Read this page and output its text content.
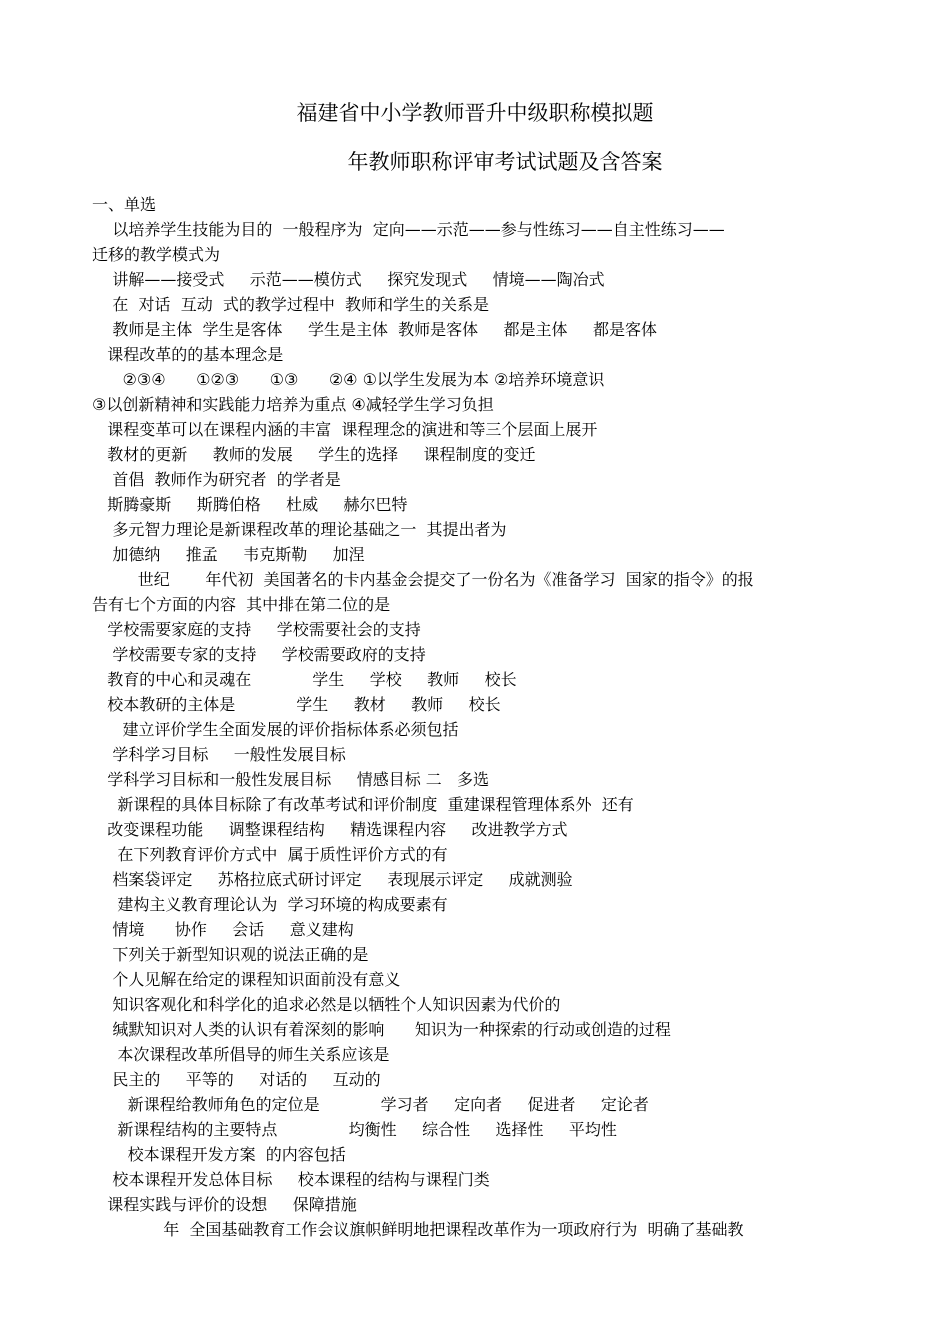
福建省中小学教师晋升中级职称模拟题
年教师职称评审考试试题及含答案
一、单选
以培养学生技能为目的  一般程序为  定向——示范——参与性练习——自主性练习——
迁移的教学模式为
讲解——接受式     示范——模仿式     探究发现式     情境——陶冶式
在  对话  互动  式的教学过程中  教师和学生的关系是
教师是主体  学生是客体     学生是主体  教师是客体     都是主体     都是客体
课程改革的的基本理念是
②③④      ①②③      ①③      ②④ ①以学生发展为本 ②培养环境意识
③以创新精神和实践能力培养为重点 ④减轻学生学习负担
课程变革可以在课程内涵的丰富  课程理念的演进和等三个层面上展开
教材的更新     教师的发展     学生的选择     课程制度的变迁
首倡  教师作为研究者  的学者是
斯腾豪斯     斯腾伯格     杜威     赫尔巴特
多元智力理论是新课程改革的理论基础之一  其提出者为
加德纳     推孟     韦克斯勒     加涅
世纪       年代初  美国著名的卡内基金会提交了一份名为《准备学习  国家的指令》的报
告有七个方面的内容  其中排在第二位的是
学校需要家庭的支持     学校需要社会的支持
学校需要专家的支持     学校需要政府的支持
教育的中心和灵魂在            学生     学校     教师     校长
校本教研的主体是            学生     教材     教师     校长
建立评价学生全面发展的评价指标体系必须包括
学科学习目标     一般性发展目标
学科学习目标和一般性发展目标     情感目标 二   多选
新课程的具体目标除了有改革考试和评价制度  重建课程管理体系外  还有
改变课程功能     调整课程结构     精选课程内容     改进教学方式
在下列教育评价方式中  属于质性评价方式的有
档案袋评定     苏格拉底式研讨评定     表现展示评定     成就测验
建构主义教育理论认为  学习环境的构成要素有
情境      协作     会话     意义建构
下列关于新型知识观的说法正确的是
个人见解在给定的课程知识面前没有意义
知识客观化和科学化的追求必然是以牺牲个人知识因素为代价的
缄默知识对人类的认识有着深刻的影响      知识为一种探索的行动或创造的过程
本次课程改革所倡导的师生关系应该是
民主的     平等的     对话的     互动的
新课程给教师角色的定位是            学习者     定向者     促进者     定论者
新课程结构的主要特点              均衡性     综合性     选择性     平均性
校本课程开发方案  的内容包括
校本课程开发总体目标     校本课程的结构与课程门类
课程实践与评价的设想     保障措施
年  全国基础教育工作会议旗帜鲜明地把课程改革作为一项政府行为  明确了基础教
